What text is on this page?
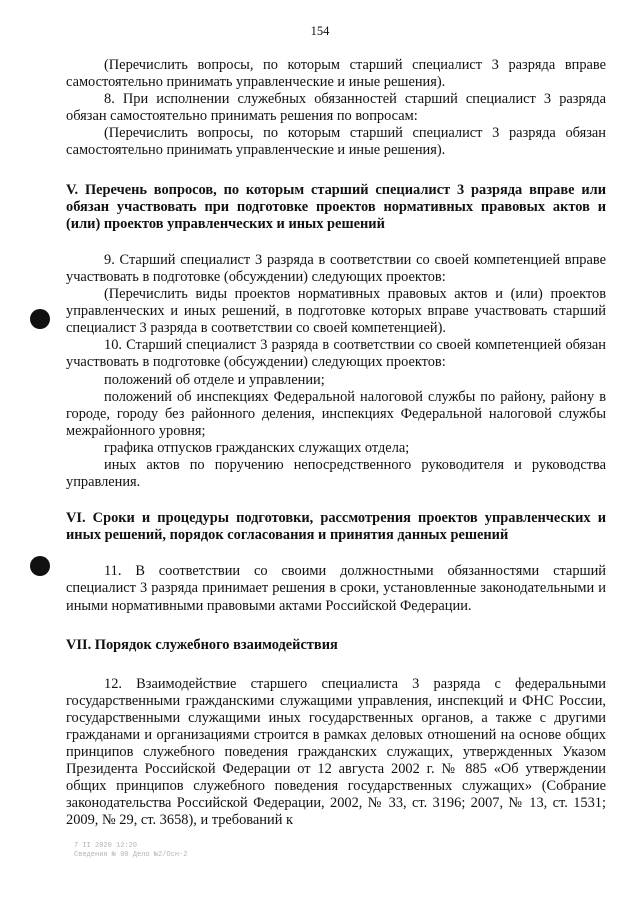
154

(Перечислить вопросы, по которым старший специалист 3 разряда вправе самостоятельно принимать управленческие и иные решения).

8. При исполнении служебных обязанностей старший специалист 3 разряда обязан самостоятельно принимать решения по вопросам:

(Перечислить вопросы, по которым старший специалист 3 разряда обязан самостоятельно принимать управленческие и иные решения).

V. Перечень вопросов, по которым старший специалист 3 разряда вправе или обязан участвовать при подготовке проектов нормативных правовых актов и (или) проектов управленческих и иных решений

9. Старший специалист 3 разряда в соответствии со своей компетенцией вправе участвовать в подготовке (обсуждении) следующих проектов:

(Перечислить виды проектов нормативных правовых актов и (или) проектов управленческих и иных решений, в подготовке которых вправе участвовать старший специалист 3 разряда в соответствии со своей компетенцией).

10. Старший специалист 3 разряда в соответствии со своей компетенцией обязан участвовать в подготовке (обсуждении) следующих проектов:

положений об отделе и управлении;

положений об инспекциях Федеральной налоговой службы по району, району в городе, городу без районного деления, инспекциях Федеральной налоговой службы межрайонного уровня;

графика отпусков гражданских служащих отдела;

иных актов по поручению непосредственного руководителя и руководства управления.

VI. Сроки и процедуры подготовки, рассмотрения проектов управленческих и иных решений, порядок согласования и принятия данных решений

11. В соответствии со своими должностными обязанностями старший специалист 3 разряда принимает решения в сроки, установленные законодательными и иными нормативными правовыми актами Российской Федерации.

VII. Порядок служебного взаимодействия

12. Взаимодействие старшего специалиста 3 разряда с федеральными государственными гражданскими служащими управления, инспекций и ФНС России, государственными служащими иных государственных органов, а также с другими гражданами и организациями строится в рамках деловых отношений на основе общих принципов служебного поведения гражданских служащих, утвержденных Указом Президента Российской Федерации от 12 августа 2002 г. № 885 «Об утверждении общих принципов служебного поведения государственных служащих» (Собрание законодательства Российской Федерации, 2002, № 33, ст. 3196; 2007, № 13, ст. 1531; 2009, № 29, ст. 3658), и требований к

7 II 2020 12:20
Сведения № 00 Дело №2/Осн-2
